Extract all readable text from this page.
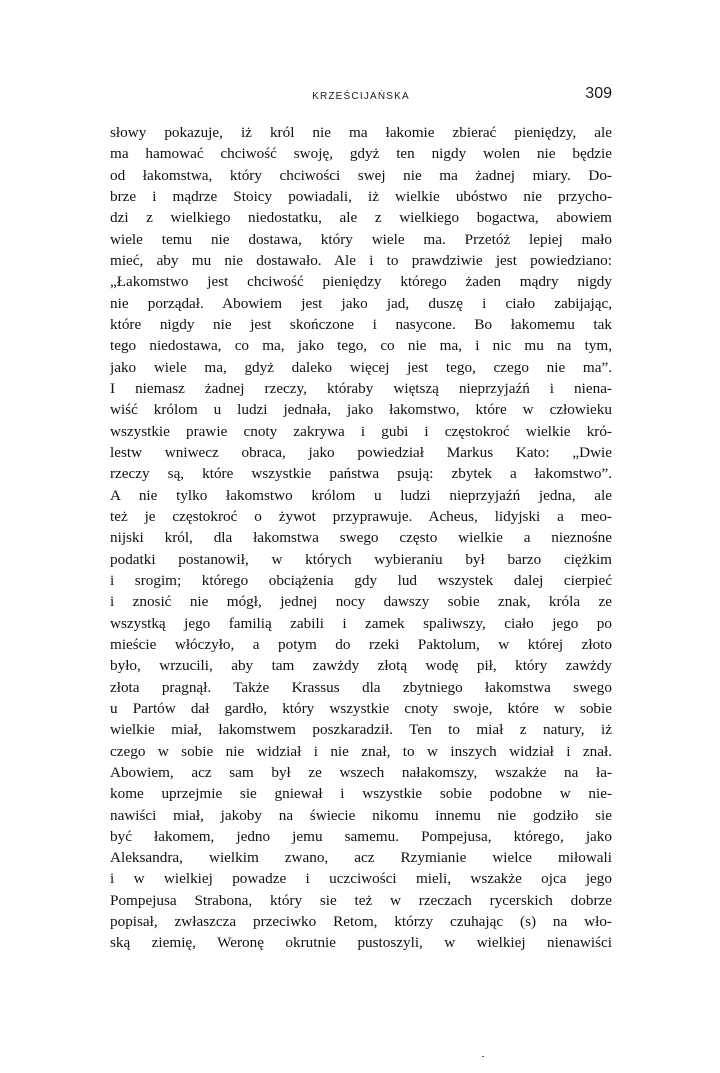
KRZEŚCIJAŃSKA	309
słowy pokazuje, iż król nie ma łakomie zbierać pieniędzy, ale
ma hamować chciwość swoję, gdyż ten nigdy wolen nie będzie
od łakomstwa, który chciwości swej nie ma żadnej miary. Do-
brze i mądrze Stoicy powiadali, iż wielkie ubóstwo nie przycho-
dzi z wielkiego niedostatku, ale z wielkiego bogactwa, abowiem
wiele temu nie dostawa, który wiele ma. Przetóż lepiej mało
mieć, aby mu nie dostawało. Ale i to prawdziwie jest powiedziano:
„Łakomstwo jest chciwość pieniędzy którego żaden mądry nigdy
nie porządał. Abowiem jest jako jad, duszę i ciało zabijając,
które nigdy nie jest skończone i nasycone. Bo łakomemu tak
tego niedostawa, co ma, jako tego, co nie ma, i nic mu na tym,
jako wiele ma, gdyż daleko więcej jest tego, czego nie ma”.
I niemasz żadnej rzeczy, któraby więtszą nieprzyjaźń i niena-
wiść królom u ludzi jednała, jako łakomstwo, które w człowieku
wszystkie prawie cnoty zakrywa i gubi i częstokroć wielkie kró-
lestw wniwecz obraca, jako powiedział Markus Kato: „Dwie
rzeczy są, które wszystkie państwa psują: zbytek a łakomstwo”.
A nie tylko łakomstwo królom u ludzi nieprzyjaźń jedna, ale
też je częstokroć o żywot przyprawuje. Acheus, lidyjski a meo-
nijski król, dla łakomstwa swego często wielkie a nieznośne
podatki postanowił, w których wybieraniu był barzo ciężkim
i srogim; którego obciążenia gdy lud wszystek dalej cierpieć
i znosić nie mógł, jednej nocy dawszy sobie znak, króla ze
wszystką jego familią zabili i zamek spaliwszy, ciało jego po
mieście włóczyło, a potym do rzeki Paktolum, w której złoto
było, wrzucili, aby tam zawżdy złotą wodę pił, który zawżdy
złota pragnął. Także Krassus dla zbytniego łakomstwa swego
u Partów dał gardło, który wszystkie cnoty swoje, które w sobie
wielkie miał, łakomstwem poszkaradził. Ten to miał z natury, iż
czego w sobie nie widział i nie znał, to w inszych widział i znał.
Abowiem, acz sam był ze wszech nałakomszy, wszakże na ła-
kome uprzejmie sie gniewał i wszystkie sobie podobne w nie-
nawiści miał, jakoby na świecie nikomu innemu nie godziło sie
być łakomem, jedno jemu samemu. Pompejusa, którego, jako
Aleksandra, wielkim zwano, acz Rzymianie wielce miłowali
i w wielkiej powadze i uczciwości mieli, wszakże ojca jego
Pompejusa Strabona, który sie też w rzeczach rycerskich dobrze
popisał, zwłaszcza przeciwko Retom, którzy czuhając (s) na wło-
ską ziemię, Weronę okrutnie pustoszyli, w wielkiej nienawiści
